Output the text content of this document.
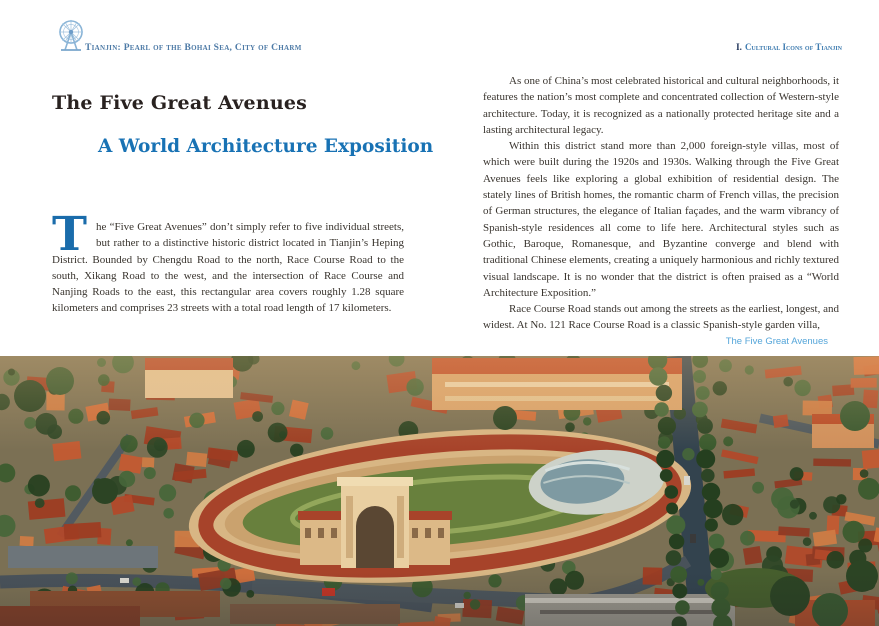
Tianjin: Pearl of the Bohai Sea, City of Charm	I. Cultural Icons of Tianjin
The Five Great Avenues
A World Architecture Exposition

The “Five Great Avenues” don’t simply refer to five individual streets, but rather to a distinctive historic district located in Tianjin’s Heping District. Bounded by Chengdu Road to the north, Race Course Road to the south, Xikang Road to the west, and the intersection of Race Course and Nanjing Roads to the east, this rectangular area covers roughly 1.28 square kilometers and comprises 23 streets with a total road length of 17 kilometers.

As one of China’s most celebrated historical and cultural neighborhoods, it features the nation’s most complete and concentrated collection of Western-style architecture. Today, it is recognized as a nationally protected heritage site and a lasting architectural legacy.

Within this district stand more than 2,000 foreign-style villas, most of which were built during the 1920s and 1930s. Walking through the Five Great Avenues feels like exploring a global exhibition of residential design. The stately lines of British homes, the romantic charm of French villas, the precision of German structures, the elegance of Italian façades, and the warm vibrancy of Spanish-style residences all come to life here. Architectural styles such as Gothic, Baroque, Romanesque, and Byzantine converge and blend with traditional Chinese elements, creating a uniquely harmonious and richly textured visual landscape. It is no wonder that the district is often praised as a “World Architecture Exposition.”

Race Course Road stands out among the streets as the earliest, longest, and widest. At No. 121 Race Course Road is a classic Spanish-style garden villa,

The Five Great Avenues
